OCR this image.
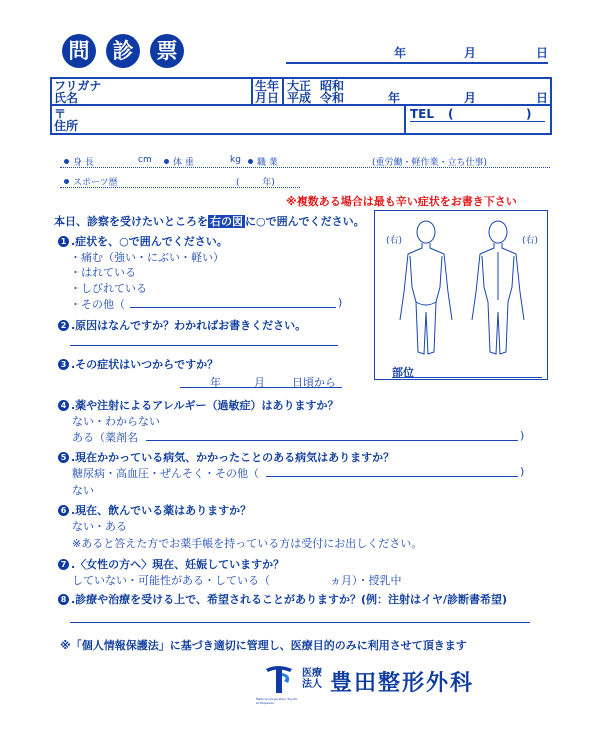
問 診 票	年	月	日
フリガナ
氏名
生年
月日
大正 昭和
平成 令和	年	月	日
〒
住所
TEL (	)
身 長	cm	体 重	kg	職 業	(重労働・軽作業・立ち仕事)
スポーツ歴	(        年)
※複数ある場合は最も辛い症状をお書き下さい
本日、診察を受けたいところを 右の図 に○で囲んでください。
(右)	(右)
部位
1 .症状を、○で囲んでください。
・痛む（強い・にぶい・軽い）
・はれている
・しびれている
・その他（	)
2 .原因はなんですか？わかればお書きください。
3 .その症状はいつからですか？
年	月 日頃から
4 .薬や注射によるアレルギー（過敏症）はありますか？
ない・わからない
ある（薬剤名	)
5 .現在かかっている病気、かかったことのある病気はありますか？
糖尿病・高血圧・ぜんそく・その他（	)
ない
6 .現在、飲んでいる薬はありますか？
ない・ある
※あると答えた方でお薬手帳を持っている方は受付にお出しください。
7 .〈女性の方へ〉現在、妊娠していますか？
していない・可能性がある・している（	ヵ月）・授乳中
8 .診療や治療を受ける上で、希望されることがありますか？(例：注射はイヤ/診断書希望)
※「個人情報保護法」に基づき適切に管理し、医療目的のみに利用させて頂きます
Medical Corporation Toyota Orthopaedic
医療
法人 豊田整形外科
